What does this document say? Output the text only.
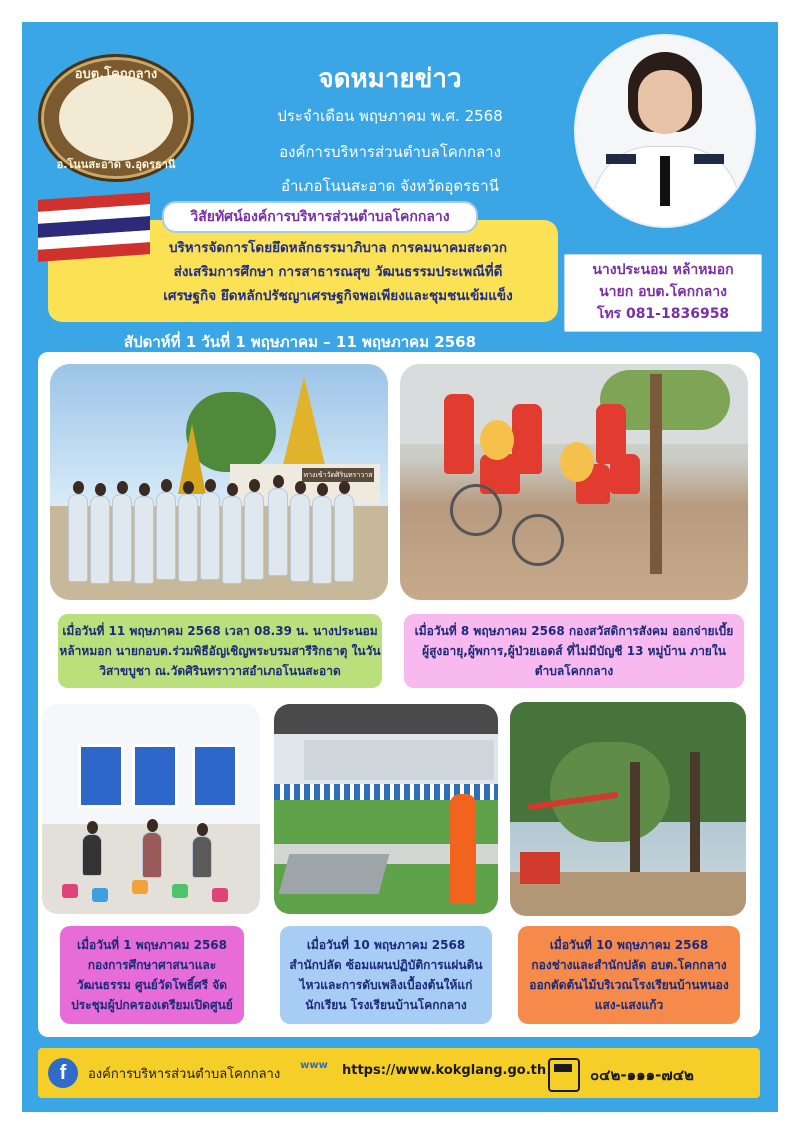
อบต.โคกกลาง
อ.โนนสะอาด จ.อุดรธานี
จดหมายข่าว
ประจำเดือน พฤษภาคม พ.ศ. 2568
องค์การบริหารส่วนตำบลโคกกลาง
อำเภอโนนสะอาด จังหวัดอุดรธานี
นางประนอม หล้าหมอก
นายก อบต.โคกกลาง
โทร 081-1836958
บริหารจัดการโดยยึดหลักธรรมาภิบาล การคมนาคมสะดวก
ส่งเสริมการศึกษา การสาธารณสุข วัฒนธรรมประเพณีที่ดี
เศรษฐกิจ ยึดหลักปรัชญาเศรษฐกิจพอเพียงและชุมชนเข้มแข็ง
วิสัยทัศน์องค์การบริหารส่วนตำบลโคกกลาง
สัปดาห์ที่ 1 วันที่ 1 พฤษภาคม – 11 พฤษภาคม 2568
ทางเข้าวัดศิรินทราวาส
เมื่อวันที่ 11 พฤษภาคม 2568 เวลา 08.39 น. นางประนอม
หล้าหมอก นายกอบต.ร่วมพิธีอัญเชิญพระบรมสารีริกธาตุ ในวัน
วิสาขบูชา ณ.วัดศิรินทราวาสอำเภอโนนสะอาด
เมื่อวันที่ 8 พฤษภาคม 2568 กองสวัสดิการสังคม ออกจ่ายเบี้ย
ผู้สูงอายุ,ผู้พการ,ผู้ป่วยเอดส์ ที่ไม่มีบัญชี 13 หมู่บ้าน ภายใน
ตำบลโคกกลาง
เมื่อวันที่ 1 พฤษภาคม 2568
กองการศึกษาศาสนาและ
วัฒนธรรม ศูนย์วัดโพธิ์ศรี จัด
ประชุมผู้ปกครองเตรียมเปิดศูนย์
เมื่อวันที่ 10 พฤษภาคม 2568
สำนักปลัด ซ้อมแผนปฏิบัติการแผ่นดิน
ไหวและการดับเพลิงเบื้องต้นให้แก่
นักเรียน โรงเรียนบ้านโคกกลาง
เมื่อวันที่ 10 พฤษภาคม 2568
กองช่างและสำนักปลัด อบต.โคกกลาง
ออกตัดต้นไม้บริเวณโรงเรียนบ้านหนอง
แสง-แสงแก้ว
f	องค์การบริหารส่วนตำบลโคกกลาง
www	https://www.kokglang.go.th	๐๔๒-๑๑๑-๗๔๒
